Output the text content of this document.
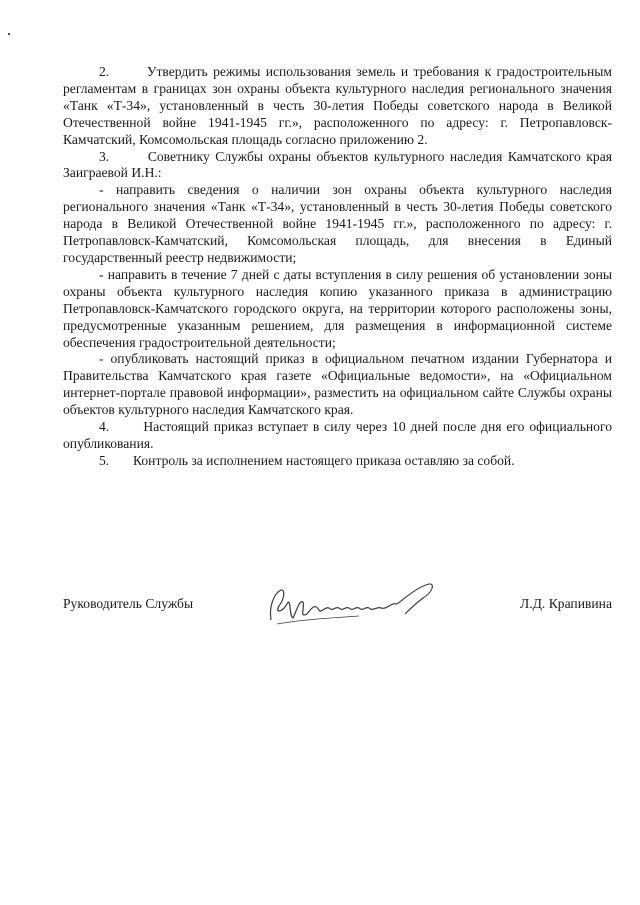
2.	Утвердить режимы использования земель и требования к градостроительным регламентам в границах зон охраны объекта культурного наследия регионального значения «Танк «Т-34», установленный в честь 30-летия Победы советского народа в Великой Отечественной войне 1941-1945 гг.», расположенного по адресу: г. Петропавловск-Камчатский, Комсомольская площадь согласно приложению 2.

3.	Советнику Службы охраны объектов культурного наследия Камчатского края Заиграевой И.Н.:

- направить сведения о наличии зон охраны объекта культурного наследия регионального значения «Танк «Т-34», установленный в честь 30-летия Победы советского народа в Великой Отечественной войне 1941-1945 гг.», расположенного по адресу: г. Петропавловск-Камчатский, Комсомольская площадь, для внесения в Единый государственный реестр недвижимости;

- направить в течение 7 дней с даты вступления в силу решения об установлении зоны охраны объекта культурного наследия копию указанного приказа в администрацию Петропавловск-Камчатского городского округа, на территории которого расположены зоны, предусмотренные указанным решением, для размещения в информационной системе обеспечения градостроительной деятельности;

- опубликовать настоящий приказ в официальном печатном издании Губернатора и Правительства Камчатского края газете «Официальные ведомости», на «Официальном интернет-портале правовой информации», разместить на официальном сайте Службы охраны объектов культурного наследия Камчатского края.

4.	Настоящий приказ вступает в силу через 10 дней после дня его официального опубликования.

5. Контроль за исполнением настоящего приказа оставляю за собой.

Руководитель Службы	Л.Д. Крапивина
